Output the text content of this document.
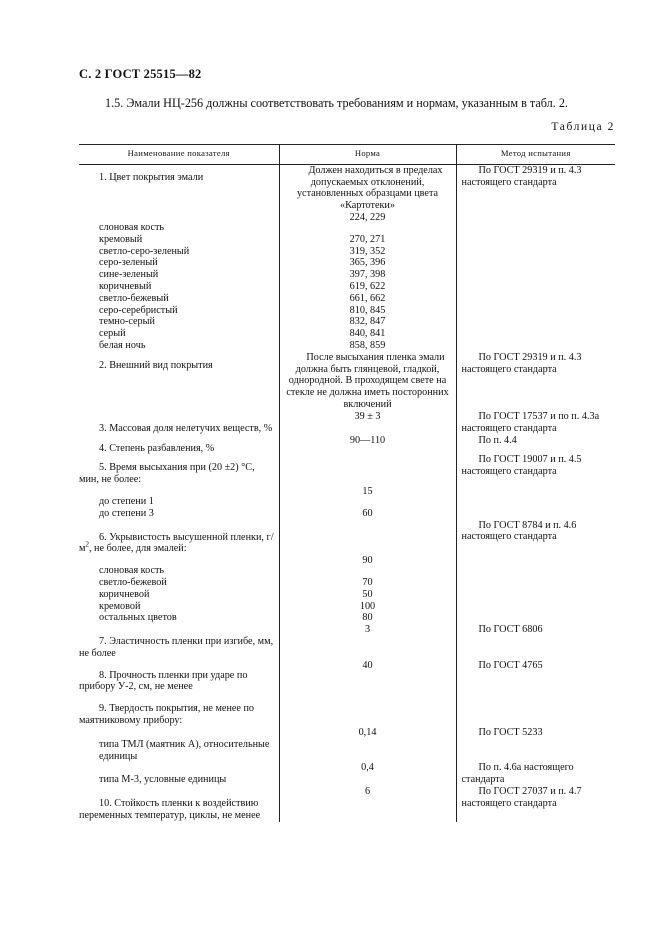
С. 2 ГОСТ 25515—82
1.5. Эмали НЦ-256 должны соответствовать требованиям и нормам, указанным в табл. 2.
Таблица 2
Наименование показателя	Норма	Метод испытания
1. Цвет покрытия эмали	Должен находиться в пределах допускаемых отклонений, установленных образцами цвета «Картотеки»	По ГОСТ 29319 и п. 4.3 настоящего стандарта
слоновая кость	224, 229	
кремовый	270, 271	
светло-серо-зеленый	319, 352	
серо-зеленый	365, 396	
сине-зеленый	397, 398	
коричневый	619, 622	
светло-бежевый	661, 662	
серо-серебристый	810, 845	
темно-серый	832, 847	
серый	840, 841	
белая ночь	858, 859	
2. Внешний вид покрытия	После высыхания пленка эмали должна быть глянцевой, гладкой, однородной. В проходящем свете на стекле не должна иметь посторонних включений	По ГОСТ 29319 и п. 4.3 настоящего стандарта
3. Массовая доля нелетучих веществ, %	39 ± 3	По ГОСТ 17537 и по п. 4.3а настоящего стандарта
4. Степень разбавления, %	90—110	По п. 4.4
5. Время высыхания при (20 ±2) °С, мин, не более:		По ГОСТ 19007 и п. 4.5 настоящего стандарта
до степени 1	15	
до степени 3	60	
6. Укрывистость высушенной пленки, $г/м^2$, не более, для эмалей:		По ГОСТ 8784 и п. 4.6 настоящего стандарта
слоновая кость	90	
светло-бежевой	70	
коричневой	50	
кремовой	100	
остальных цветов	80	
7. Эластичность пленки при изгибе, мм, не более	3	По ГОСТ 6806
8. Прочность пленки при ударе по прибору У-2, см, не менее	40	По ГОСТ 4765
9. Твердость покрытия, не менее по маятниковому прибору:		
типа ТМЛ (маятник А), относительные единицы	0,14	По ГОСТ 5233
типа М-3, условные единицы	0,4	По п. 4.6а настоящего стандарта
10. Стойкость пленки к воздействию переменных температур, циклы, не менее	6	По ГОСТ 27037 и п. 4.7 настоящего стандарта
